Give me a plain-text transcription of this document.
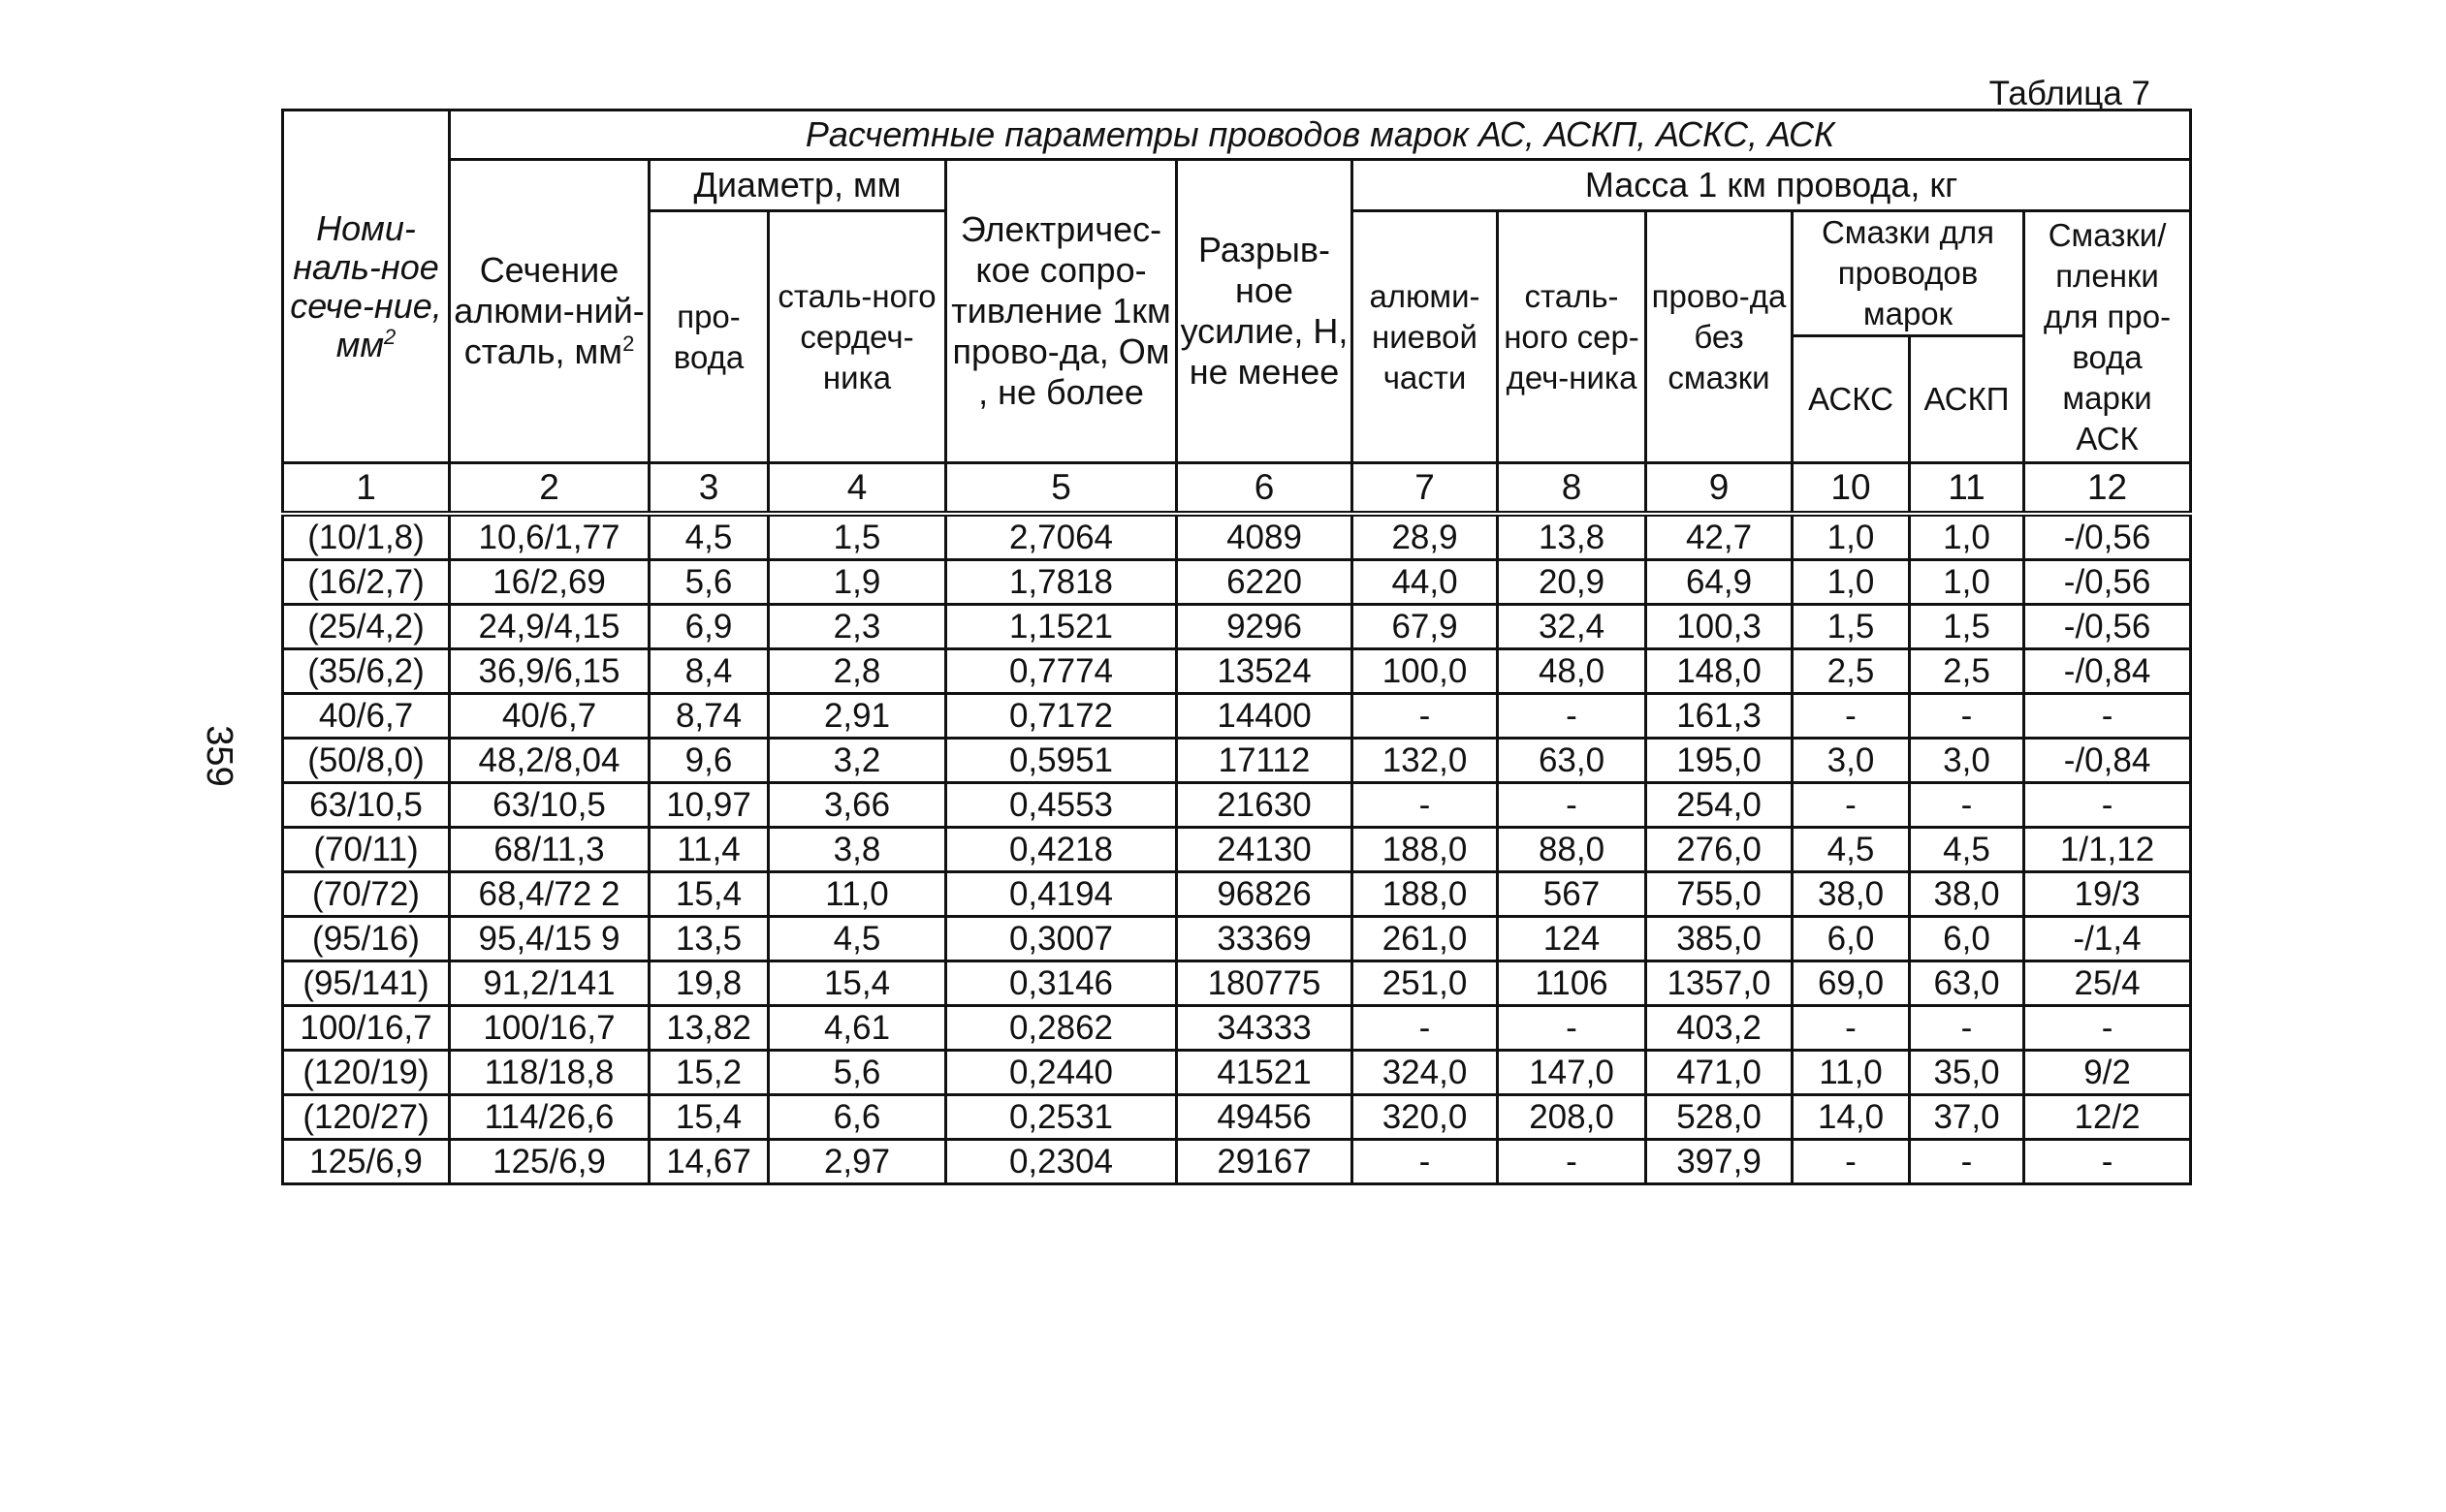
359
Таблица 7
Номи-наль-ное сече-ние, $мм^2$	Расчетные параметры проводов марок АС, АСКП, АСКС, АСК										
	Сечение алюми-ний-сталь, $мм^2$	Диаметр, мм		Электричес-кое сопро-тивление 1км прово-да, Ом , не более	Разрыв-ное усилие, Н, не менее	Масса 1 км провода, кг					
		про-вода	сталь-ного сердеч-ника			алюми-ниевой части	сталь-ного сер-деч-ника	прово-да без смазки	Смазки для проводов марок		Смазки/ пленки для про-вода марки АСК
									АСКС	АСКП	
1	2	3	4	5	6	7	8	9	10	11	12
(10/1,8)	10,6/1,77	4,5	1,5	2,7064	4089	28,9	13,8	42,7	1,0	1,0	-/0,56
(16/2,7)	16/2,69	5,6	1,9	1,7818	6220	44,0	20,9	64,9	1,0	1,0	-/0,56
(25/4,2)	24,9/4,15	6,9	2,3	1,1521	9296	67,9	32,4	100,3	1,5	1,5	-/0,56
(35/6,2)	36,9/6,15	8,4	2,8	0,7774	13524	100,0	48,0	148,0	2,5	2,5	-/0,84
40/6,7	40/6,7	8,74	2,91	0,7172	14400	-	-	161,3	-	-	-
(50/8,0)	48,2/8,04	9,6	3,2	0,5951	17112	132,0	63,0	195,0	3,0	3,0	-/0,84
63/10,5	63/10,5	10,97	3,66	0,4553	21630	-	-	254,0	-	-	-
(70/11)	68/11,3	11,4	3,8	0,4218	24130	188,0	88,0	276,0	4,5	4,5	1/1,12
(70/72)	68,4/72 2	15,4	11,0	0,4194	96826	188,0	567	755,0	38,0	38,0	19/3
(95/16)	95,4/15 9	13,5	4,5	0,3007	33369	261,0	124	385,0	6,0	6,0	-/1,4
(95/141)	91,2/141	19,8	15,4	0,3146	180775	251,0	1106	1357,0	69,0	63,0	25/4
100/16,7	100/16,7	13,82	4,61	0,2862	34333	-	-	403,2	-	-	-
(120/19)	118/18,8	15,2	5,6	0,2440	41521	324,0	147,0	471,0	11,0	35,0	9/2
(120/27)	114/26,6	15,4	6,6	0,2531	49456	320,0	208,0	528,0	14,0	37,0	12/2
125/6,9	125/6,9	14,67	2,97	0,2304	29167	-	-	397,9	-	-	-
